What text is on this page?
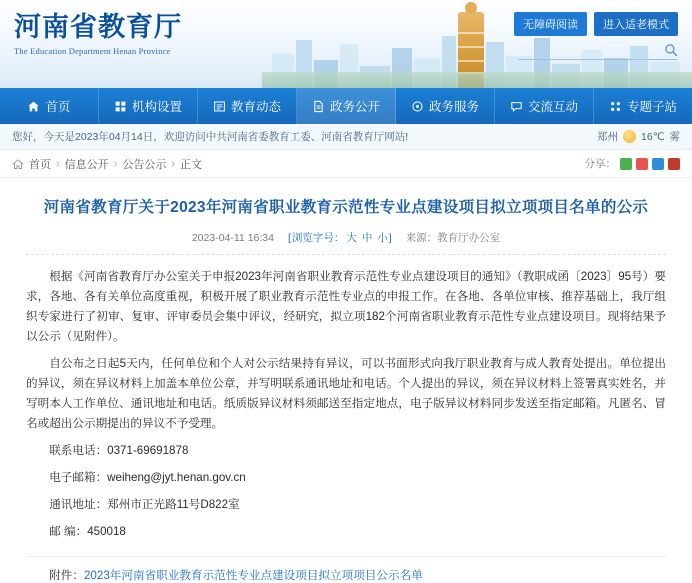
河南省教育厅
The Education Department Henan Province
无障碍阅读	进入适老模式
首页	机构设置	教育动态	政务公开	政务服务	交流互动	专题子站
您好，今天是2023年04月14日，欢迎访问中共河南省委教育工委、河南省教育厅网站!	郑州 16℃ 雾
首页 › 信息公开 › 公告公示 › 正文	分享：
河南省教育厅关于2023年河南省职业教育示范性专业点建设项目拟立项项目名单的公示
2023-04-11 16:34 [浏览字号： 大 中 小] 来源：教育厅办公室

根据《河南省教育厅办公室关于申报2023年河南省职业教育示范性专业点建设项目的通知》（教职成函〔2023〕95号）要求，各地、各有关单位高度重视，积极开展了职业教育示范性专业点的申报工作。在各地、各单位审核、推荐基础上，我厅组织专家进行了初审、复审、评审委员会集中评议，经研究，拟立项182个河南省职业教育示范性专业点建设项目。现将结果予以公示（见附件）。

自公布之日起5天内，任何单位和个人对公示结果持有异议，可以书面形式向我厅职业教育与成人教育处提出。单位提出的异议，须在异议材料上加盖本单位公章，并写明联系通讯地址和电话。个人提出的异议，须在异议材料上签署真实姓名，并写明本人工作单位、通讯地址和电话。纸质版异议材料须邮送至指定地点，电子版异议材料同步发送至指定邮箱。凡匿名、冒名或超出公示期提出的异议不予受理。

联系电话：0371-69691878

电子邮箱：weiheng@jyt.henan.gov.cn

通讯地址：郑州市正光路11号D822室

邮 编：450018

附件：2023年河南省职业教育示范性专业点建设项目拟立项项目公示名单
